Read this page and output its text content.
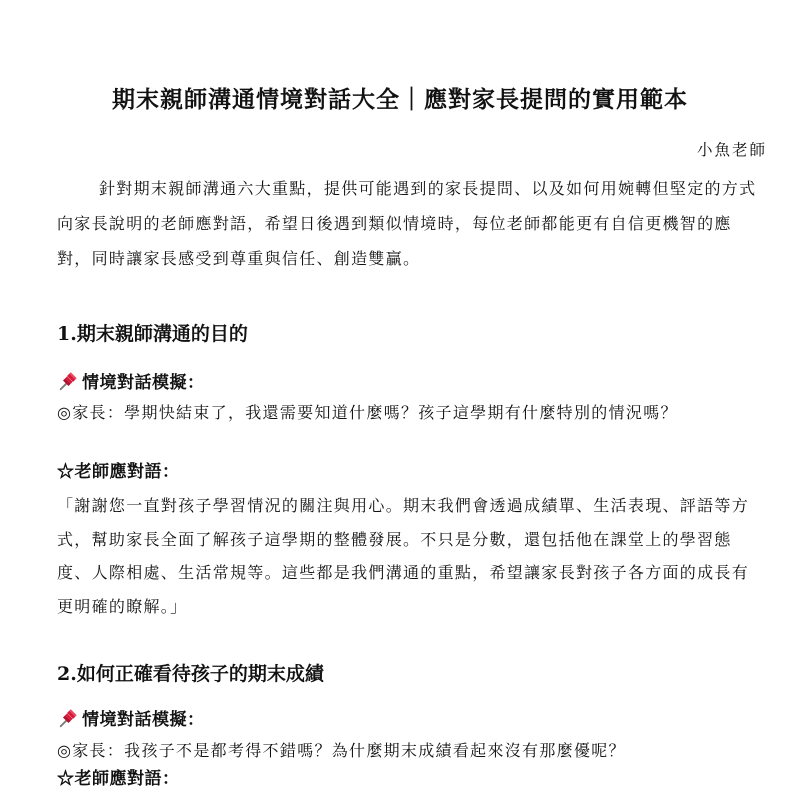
期末親師溝通情境對話大全｜應對家長提問的實用範本
小魚老師

針對期末親師溝通六大重點，提供可能遇到的家長提問、以及如何用婉轉但堅定的方式向家長說明的老師應對語，希望日後遇到類似情境時，每位老師都能更有自信更機智的應對，同時讓家長感受到尊重與信任、創造雙贏。

1.期末親師溝通的目的
情境對話模擬：

◎家長：學期快結束了，我還需要知道什麼嗎？孩子這學期有什麼特別的情況嗎？

☆老師應對語：

「謝謝您一直對孩子學習情況的關注與用心。期末我們會透過成績單、生活表現、評語等方式，幫助家長全面了解孩子這學期的整體發展。不只是分數，還包括他在課堂上的學習態度、人際相處、生活常規等。這些都是我們溝通的重點，希望讓家長對孩子各方面的成長有更明確的瞭解。」

2.如何正確看待孩子的期末成績
情境對話模擬：

◎家長：我孩子不是都考得不錯嗎？為什麼期末成績看起來沒有那麼優呢？

☆老師應對語：
